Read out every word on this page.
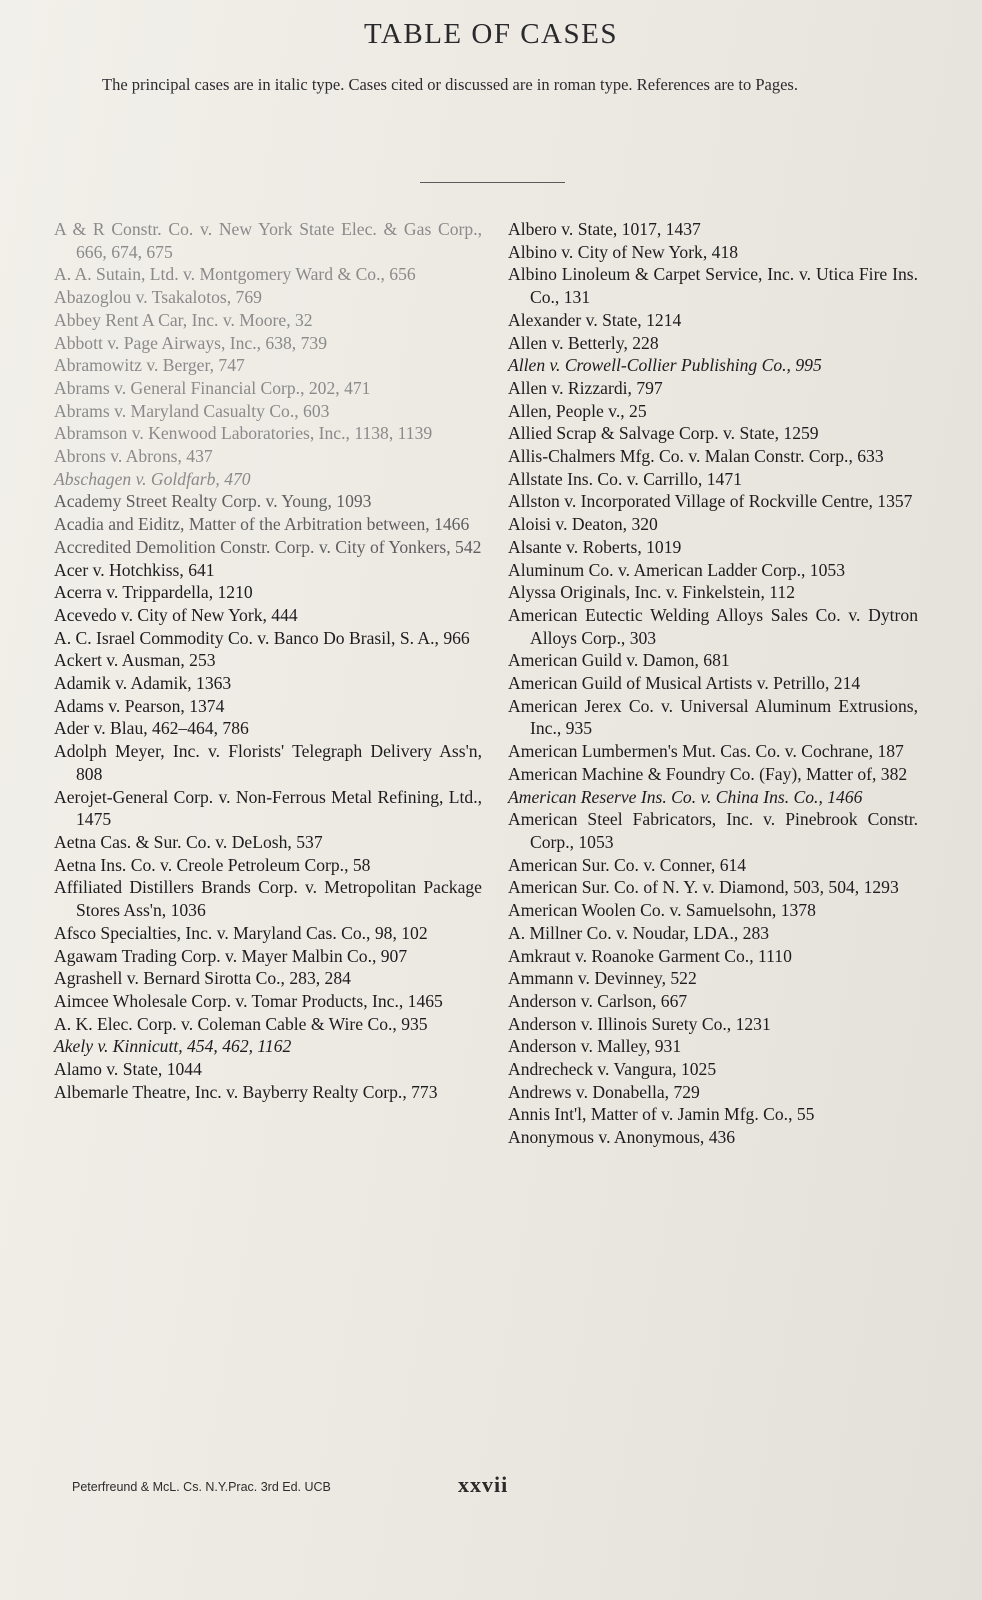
TABLE OF CASES
The principal cases are in italic type. Cases cited or discussed are in roman type. References are to Pages.
A & R Constr. Co. v. New York State Elec. & Gas Corp., 666, 674, 675
A. A. Sutain, Ltd. v. Montgomery Ward & Co., 656
Abazoglou v. Tsakalotos, 769
Abbey Rent A Car, Inc. v. Moore, 32
Abbott v. Page Airways, Inc., 638, 739
Abramowitz v. Berger, 747
Abrams v. General Financial Corp., 202, 471
Abrams v. Maryland Casualty Co., 603
Abramson v. Kenwood Laboratories, Inc., 1138, 1139
Abrons v. Abrons, 437
Abschagen v. Goldfarb, 470
Academy Street Realty Corp. v. Young, 1093
Acadia and Eiditz, Matter of the Arbitration between, 1466
Accredited Demolition Constr. Corp. v. City of Yonkers, 542
Acer v. Hotchkiss, 641
Acerra v. Trippardella, 1210
Acevedo v. City of New York, 444
A. C. Israel Commodity Co. v. Banco Do Brasil, S. A., 966
Ackert v. Ausman, 253
Adamik v. Adamik, 1363
Adams v. Pearson, 1374
Ader v. Blau, 462–464, 786
Adolph Meyer, Inc. v. Florists' Telegraph Delivery Ass'n, 808
Aerojet-General Corp. v. Non-Ferrous Metal Refining, Ltd., 1475
Aetna Cas. & Sur. Co. v. DeLosh, 537
Aetna Ins. Co. v. Creole Petroleum Corp., 58
Affiliated Distillers Brands Corp. v. Metropolitan Package Stores Ass'n, 1036
Afsco Specialties, Inc. v. Maryland Cas. Co., 98, 102
Agawam Trading Corp. v. Mayer Malbin Co., 907
Agrashell v. Bernard Sirotta Co., 283, 284
Aimcee Wholesale Corp. v. Tomar Products, Inc., 1465
A. K. Elec. Corp. v. Coleman Cable & Wire Co., 935
Akely v. Kinnicutt, 454, 462, 1162
Alamo v. State, 1044
Albemarle Theatre, Inc. v. Bayberry Realty Corp., 773
Albero v. State, 1017, 1437
Albino v. City of New York, 418
Albino Linoleum & Carpet Service, Inc. v. Utica Fire Ins. Co., 131
Alexander v. State, 1214
Allen v. Betterly, 228
Allen v. Crowell-Collier Publishing Co., 995
Allen v. Rizzardi, 797
Allen, People v., 25
Allied Scrap & Salvage Corp. v. State, 1259
Allis-Chalmers Mfg. Co. v. Malan Constr. Corp., 633
Allstate Ins. Co. v. Carrillo, 1471
Allston v. Incorporated Village of Rockville Centre, 1357
Aloisi v. Deaton, 320
Alsante v. Roberts, 1019
Aluminum Co. v. American Ladder Corp., 1053
Alyssa Originals, Inc. v. Finkelstein, 112
American Eutectic Welding Alloys Sales Co. v. Dytron Alloys Corp., 303
American Guild v. Damon, 681
American Guild of Musical Artists v. Petrillo, 214
American Jerex Co. v. Universal Aluminum Extrusions, Inc., 935
American Lumbermen's Mut. Cas. Co. v. Cochrane, 187
American Machine & Foundry Co. (Fay), Matter of, 382
American Reserve Ins. Co. v. China Ins. Co., 1466
American Steel Fabricators, Inc. v. Pinebrook Constr. Corp., 1053
American Sur. Co. v. Conner, 614
American Sur. Co. of N. Y. v. Diamond, 503, 504, 1293
American Woolen Co. v. Samuelsohn, 1378
A. Millner Co. v. Noudar, LDA., 283
Amkraut v. Roanoke Garment Co., 1110
Ammann v. Devinney, 522
Anderson v. Carlson, 667
Anderson v. Illinois Surety Co., 1231
Anderson v. Malley, 931
Andrecheck v. Vangura, 1025
Andrews v. Donabella, 729
Annis Int'l, Matter of v. Jamin Mfg. Co., 55
Anonymous v. Anonymous, 436
Peterfreund & McL. Cs. N.Y.Prac. 3rd Ed. UCB	xxvii
